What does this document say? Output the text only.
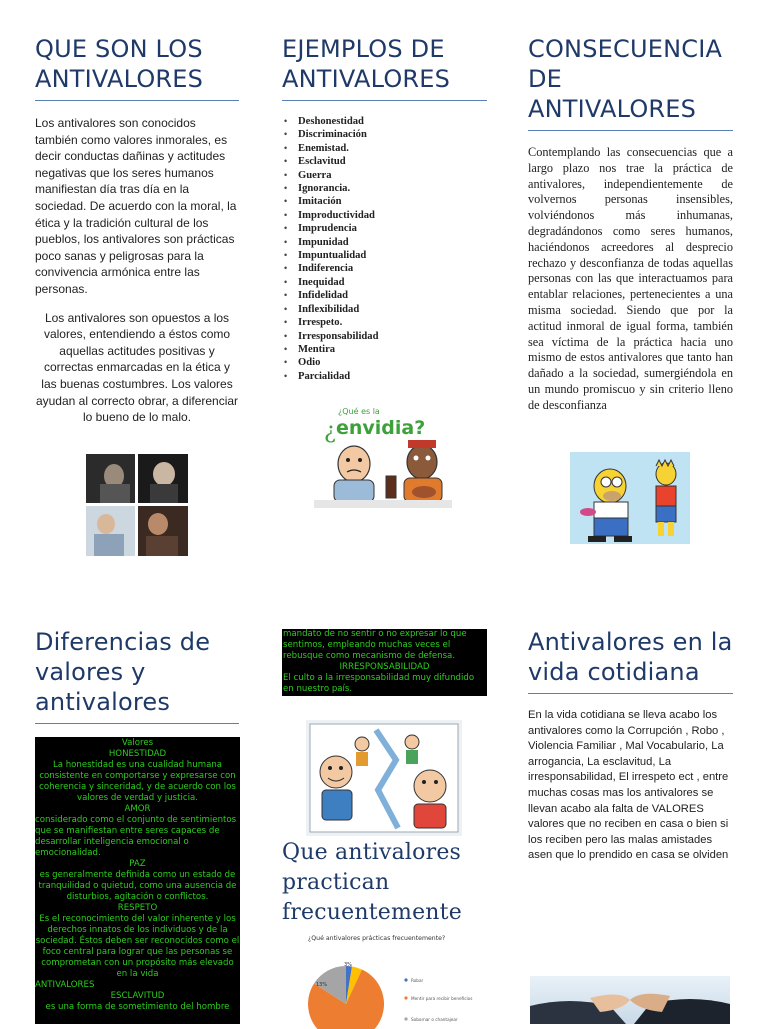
QUE SON LOS ANTIVALORES

Los antivalores son conocidos también como valores inmorales, es decir conductas dañinas y actitudes negativas que los seres humanos manifiestan día tras día en la sociedad. De acuerdo con la moral, la ética y la tradición cultural de los pueblos, los antivalores son prácticas poco sanas y peligrosas para la convivencia armónica entre las personas.

Los antivalores son opuestos a los valores, entendiendo a éstos como aquellas actitudes positivas y correctas enmarcadas en la ética y las buenas costumbres. Los valores ayudan al correcto obrar, a diferenciar lo bueno de lo malo.

EJEMPLOS DE ANTIVALORES
• Deshonestidad
• Discriminación
• Enemistad.
• Esclavitud
• Guerra
• Ignorancia.
• Imitación
• Improductividad
• Imprudencia
• Impunidad
• Impuntualidad
• Indiferencia
• Inequidad
• Infidelidad
• Inflexibilidad
• Irrespeto.
• Irresponsabilidad
• Mentira
• Odio
• Parcialidad
¿
¿Qué es la
envidia?
CONSECUENCIA DE ANTIVALORES

Contemplando las consecuencias que a largo plazo nos trae la práctica de antivalores, independientemente de volvernos personas insensibles, volviéndonos más inhumanas, degradándonos como seres humanos, haciéndonos acreedores al desprecio rechazo y desconfianza de todas aquellas personas con las que interactuamos para entablar relaciones, pertenecientes a una misma sociedad. Siendo que por la actitud inmoral de igual forma, también sea víctima de la práctica hacia uno mismo de estos antivalores que tanto han dañado a la sociedad, sumergiéndola en un mundo promiscuo y sin criterio lleno de desconfianza

Diferencias de valores y antivalores

Valores

HONESTIDAD

La honestidad es una cualidad humana consistente en comportarse y expresarse con coherencia y sinceridad, y de acuerdo con los valores de verdad y justicia.

AMOR

considerado como el conjunto de sentimientos que se manifiestan entre seres capaces de desarrollar inteligencia emocional o emocionalidad.

PAZ

es generalmente definida como un estado de tranquilidad o quietud, como una ausencia de disturbios, agitación o conflictos.

RESPETO

Es el reconocimiento del valor inherente y los derechos innatos de los individuos y de la sociedad. Éstos deben ser reconocidos como el foco central para lograr que las personas se comprometan con un propósito más elevado en la vida

ANTIVALORES

ESCLAVITUD

es una forma de sometimiento del hombre

mandato de no sentir o no expresar lo que sentimos, empleando muchas veces el rebusque como mecanismo de defensa.

IRRESPONSABILIDAD

El culto a la irresponsabilidad muy difundido en nuestro país.

Que antivalores practican frecuentemente
¿Qué antivalores prácticas frecuentemente?
3%
13%
Robar
Mentir para recibir beneficios
Sobornar o chantajear
Antivalores en la vida cotidiana

En la vida cotidiana se lleva acabo los antivalores como la Corrupción , Robo , Violencia Familiar , Mal Vocabulario, La arrogancia, La esclavitud, La irresponsabilidad, El irrespeto ect , entre muchas cosas mas los antivalores se llevan acabo ala falta de VALORES valores que no reciben en casa o bien si los reciben pero las malas amistades asen que lo prendido en casa se olviden
